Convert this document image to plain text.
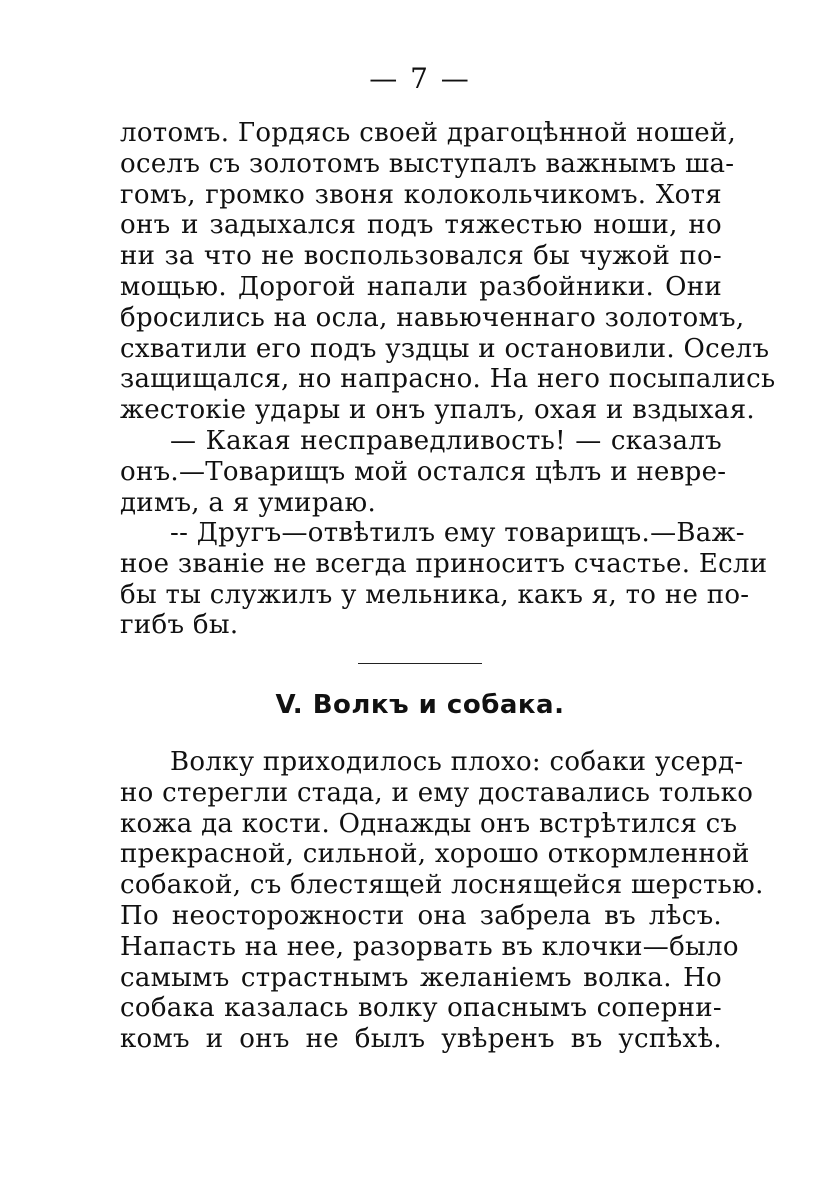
— 7 —
лотомъ. Гордясь своей драгоцѣнной ношей,
оселъ съ золотомъ выступалъ важнымъ ша-
гомъ, громко звоня колокольчикомъ. Хотя
онъ и задыхался подъ тяжестью ноши, но
ни за что не воспользовался бы чужой по-
мощью. Дорогой напали разбойники. Они
бросились на осла, навьюченнаго золотомъ,
схватили его подъ уздцы и остановили. Оселъ
защищался, но напрасно. На него посыпались
жестокіе удары и онъ упалъ, охая и вздыхая.
— Какая несправедливость! — сказалъ
онъ.—Товарищъ мой остался цѣлъ и невре-
димъ, а я умираю.
-- Другъ—отвѣтилъ ему товарищъ.—Важ-
ное званіе не всегда приноситъ счастье. Если
бы ты служилъ у мельника, какъ я, то не по-
гибъ бы.
V. Волкъ и собака.
Волку приходилось плохо: собаки усерд-
но стерегли стада, и ему доставались только
кожа да кости. Однажды онъ встрѣтился съ
прекрасной, сильной, хорошо откормленной
собакой, съ блестящей лоснящейся шерстью.
По неосторожности она забрела въ лѣсъ.
Напасть на нее, разорвать въ клочки—было
самымъ страстнымъ желаніемъ волка. Но
собака казалась волку опаснымъ соперни-
комъ и онъ не былъ увѣренъ въ успѣхѣ.
